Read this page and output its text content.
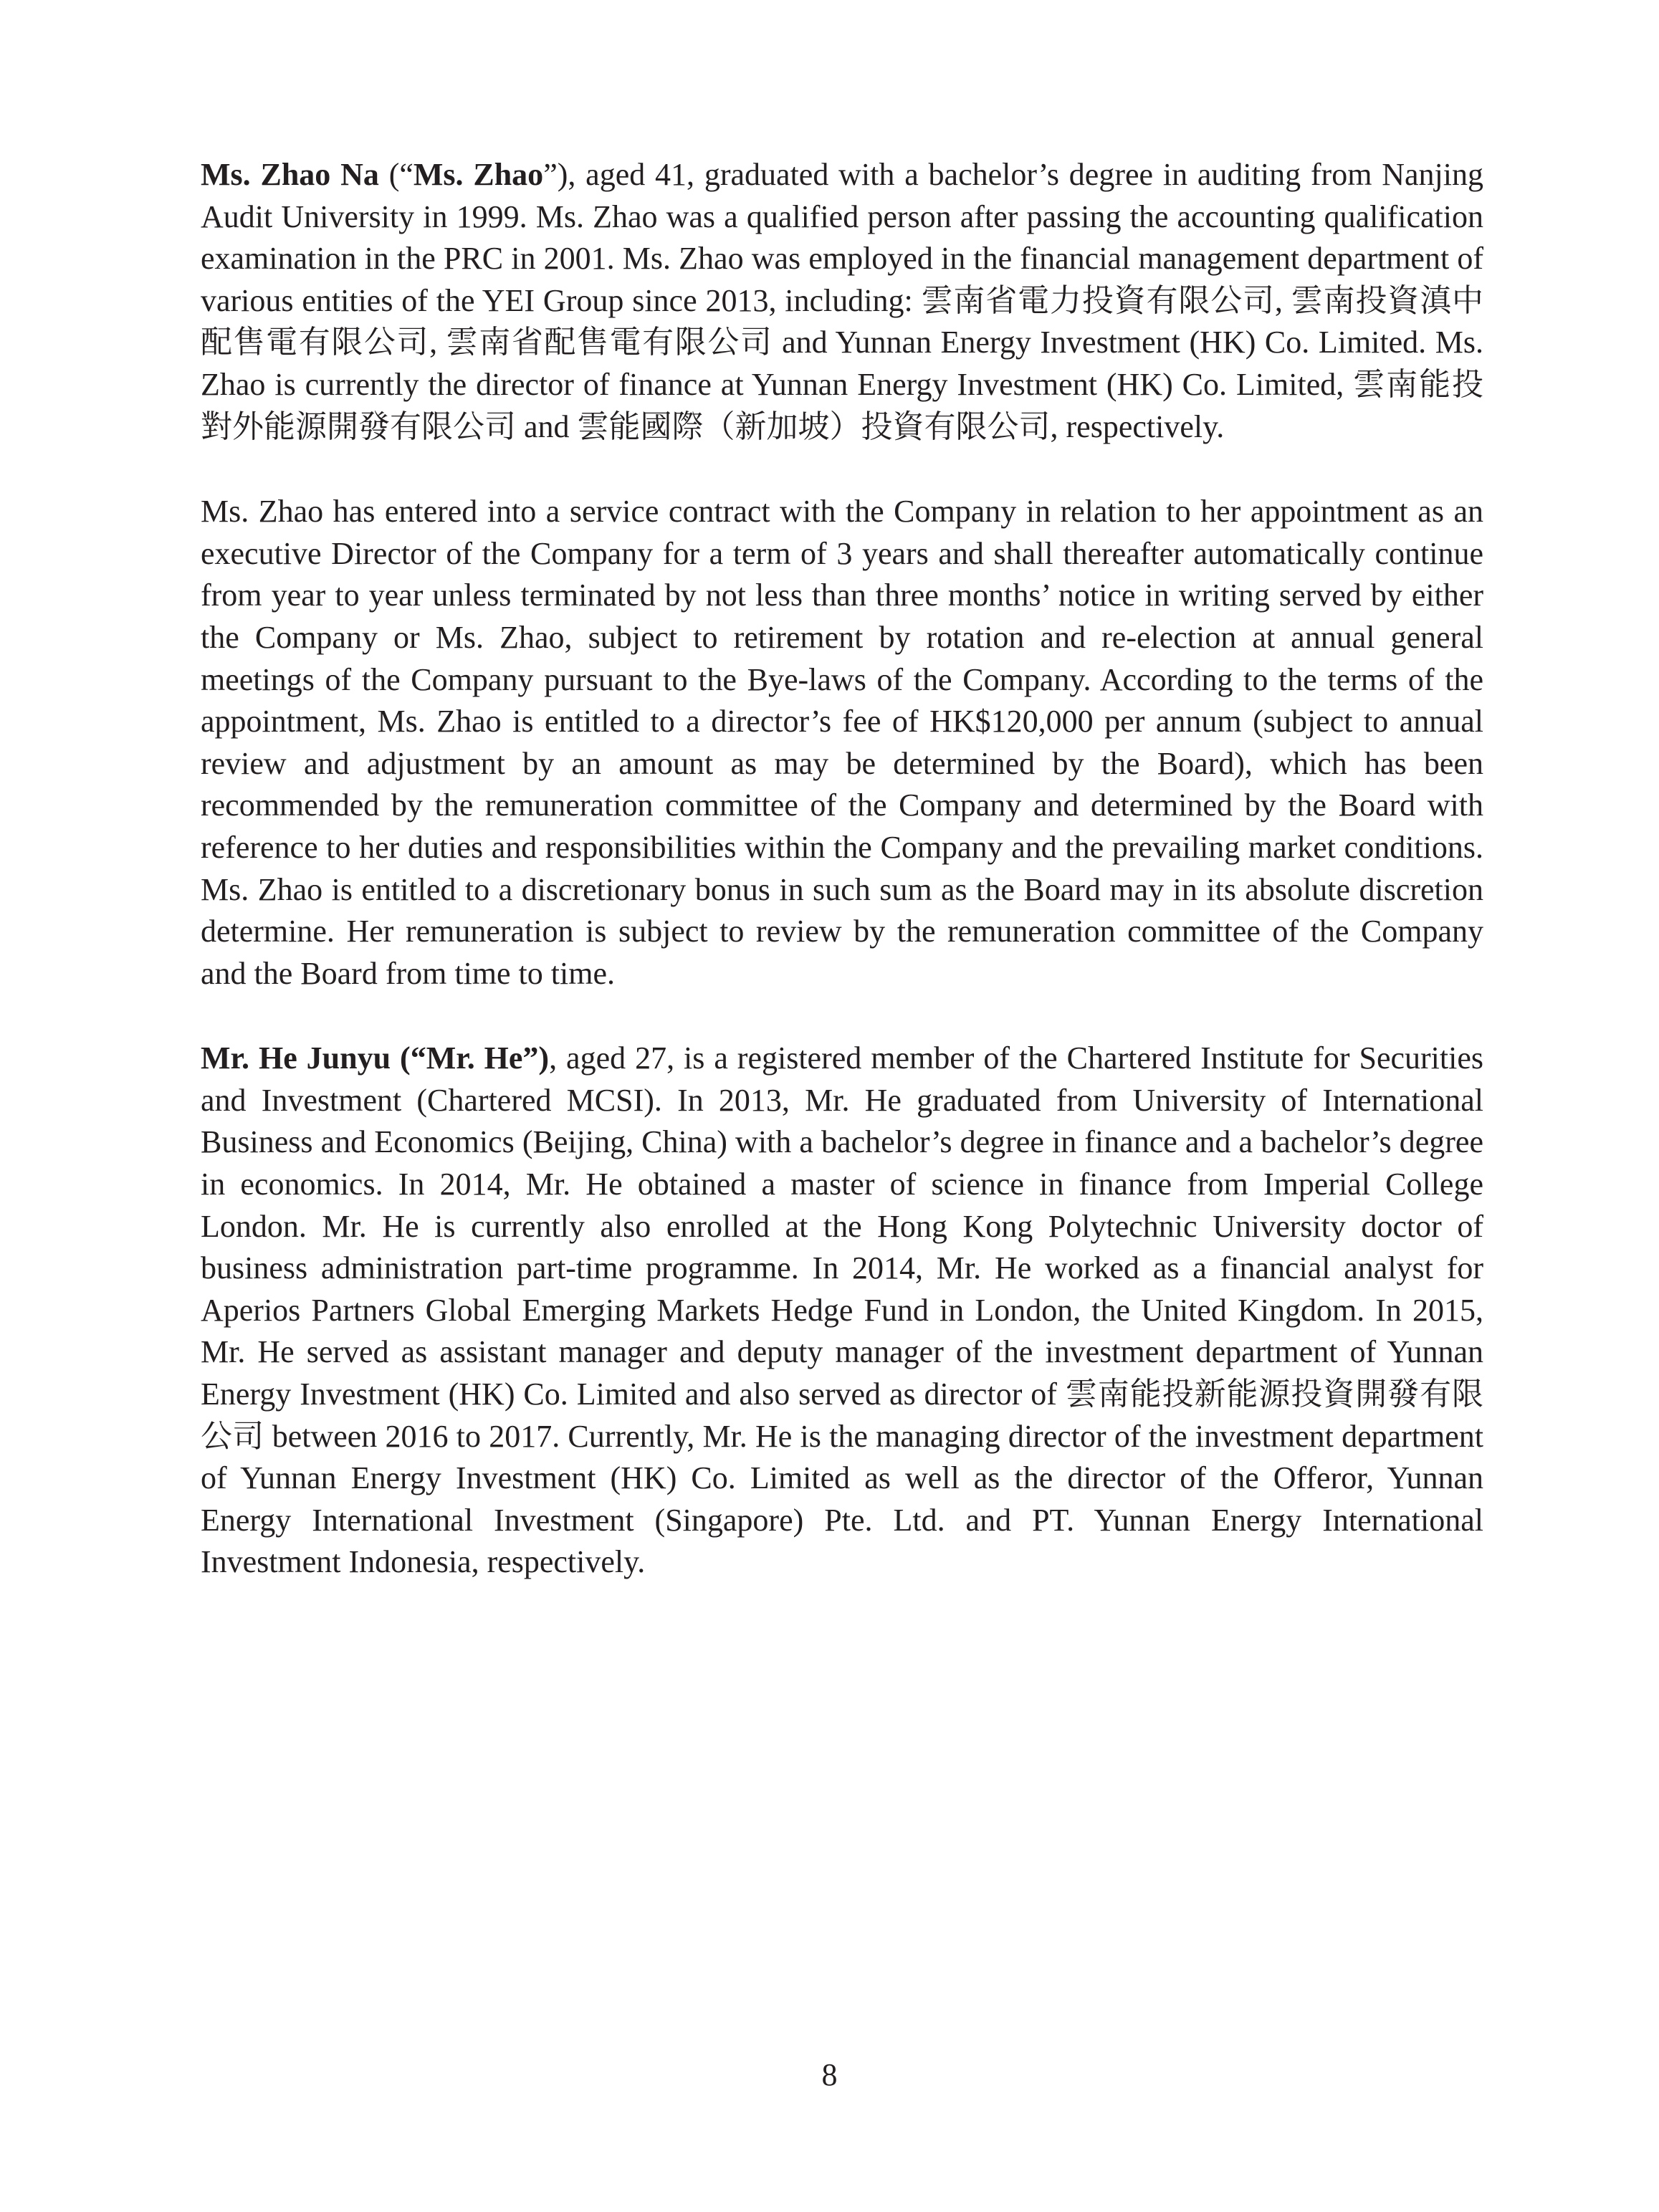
Ms. Zhao Na (“Ms. Zhao”), aged 41, graduated with a bachelor’s degree in auditing from Nanjing Audit University in 1999. Ms. Zhao was a qualified person after passing the accounting qualification examination in the PRC in 2001. Ms. Zhao was employed in the financial management department of various entities of the YEI Group since 2013, including: 雲南省電力投資有限公司, 雲南投資滇中配售電有限公司, 雲南省配售電有限公司 and Yunnan Energy Investment (HK) Co. Limited. Ms. Zhao is currently the director of finance at Yunnan Energy Investment (HK) Co. Limited, 雲南能投對外能源開發有限公司 and 雲能國際（新加坡）投資有限公司, respectively.

Ms. Zhao has entered into a service contract with the Company in relation to her appointment as an executive Director of the Company for a term of 3 years and shall thereafter automatically continue from year to year unless terminated by not less than three months’ notice in writing served by either the Company or Ms. Zhao, subject to retirement by rotation and re-election at annual general meetings of the Company pursuant to the Bye-laws of the Company. According to the terms of the appointment, Ms. Zhao is entitled to a director’s fee of HK$120,000 per annum (subject to annual review and adjustment by an amount as may be determined by the Board), which has been recommended by the remuneration committee of the Company and determined by the Board with reference to her duties and responsibilities within the Company and the prevailing market conditions. Ms. Zhao is entitled to a discretionary bonus in such sum as the Board may in its absolute discretion determine. Her remuneration is subject to review by the remuneration committee of the Company and the Board from time to time.

Mr. He Junyu (“Mr. He”), aged 27, is a registered member of the Chartered Institute for Securities and Investment (Chartered MCSI). In 2013, Mr. He graduated from University of International Business and Economics (Beijing, China) with a bachelor’s degree in finance and a bachelor’s degree in economics. In 2014, Mr. He obtained a master of science in finance from Imperial College London. Mr. He is currently also enrolled at the Hong Kong Polytechnic University doctor of business administration part-time programme. In 2014, Mr. He worked as a financial analyst for Aperios Partners Global Emerging Markets Hedge Fund in London, the United Kingdom. In 2015, Mr. He served as assistant manager and deputy manager of the investment department of Yunnan Energy Investment (HK) Co. Limited and also served as director of 雲南能投新能源投資開發有限公司 between 2016 to 2017. Currently, Mr. He is the managing director of the investment department of Yunnan Energy Investment (HK) Co. Limited as well as the director of the Offeror, Yunnan Energy International Investment (Singapore) Pte. Ltd. and PT. Yunnan Energy International Investment Indonesia, respectively.

8
